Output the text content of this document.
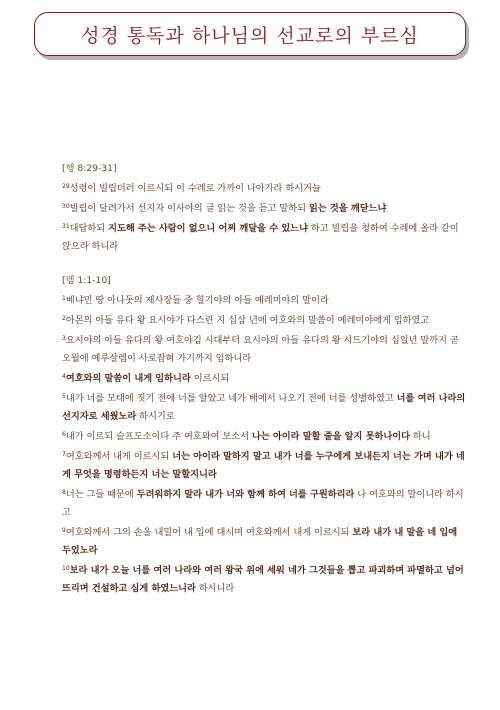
성경 통독과 하나님의 선교로의 부르심
[행 8:29-31]

$^{29}$성령이 빌립더러 이르시되 이 수레로 가까이 나아가라 하시거늘

$^{30}$빌립이 달려가서 선지자 이사야의 글 읽는 것을 듣고 말하되 읽는 것을 깨닫느냐

$^{31}$대답하되 지도해 주는 사람이 없으니 어찌 깨달을 수 있느냐 하고 빌립을 청하여 수레에 올라 같이 앉으라 하니라

[렘 1:1-10]

$^1$베냐민 땅 아나돗의 제사장들 중 힐기야의 아들 예레미야의 말이라

$^2$아몬의 아들 유다 왕 요시야가 다스린 지 십삼 년에 여호와의 말씀이 예레미야에게 임하였고

$^3$요시야의 아들 유다의 왕 여호야김 시대부터 요시야의 아들 유다의 왕 시드기야의 십일년 말까지 곧 오월에 예루살렘이 사로잡혀 가기까지 임하니라

$^4$여호와의 말씀이 내게 임하니라 이르시되

$^5$내가 너를 모태에 짓기 전에 너를 알았고 네가 배에서 나오기 전에 너를 성별하였고 너를 여러 나라의 선지자로 세웠노라 하시기로

$^6$내가 이르되 슬프도소이다 주 여호와여 보소서 나는 아이라 말할 줄을 알지 못하나이다 하니

$^7$여호와께서 내게 이르시되 너는 아이라 말하지 말고 내가 너를 누구에게 보내든지 너는 가며 내가 네게 무엇을 명령하든지 너는 말할지니라

$^8$너는 그들 때문에 두려워하지 말라 내가 너와 함께 하여 너를 구원하리라 나 여호와의 말이니라 하시고

$^9$여호와께서 그의 손을 내밀어 내 입에 대시며 여호와께서 내게 이르시되 보라 내가 내 말을 네 입에 두었노라

$^{10}$보라 내가 오늘 너를 여러 나라와 여러 왕국 위에 세워 네가 그것들을 뽑고 파괴하며 파멸하고 넘어뜨리며 건설하고 심게 하였느니라 하시니라
